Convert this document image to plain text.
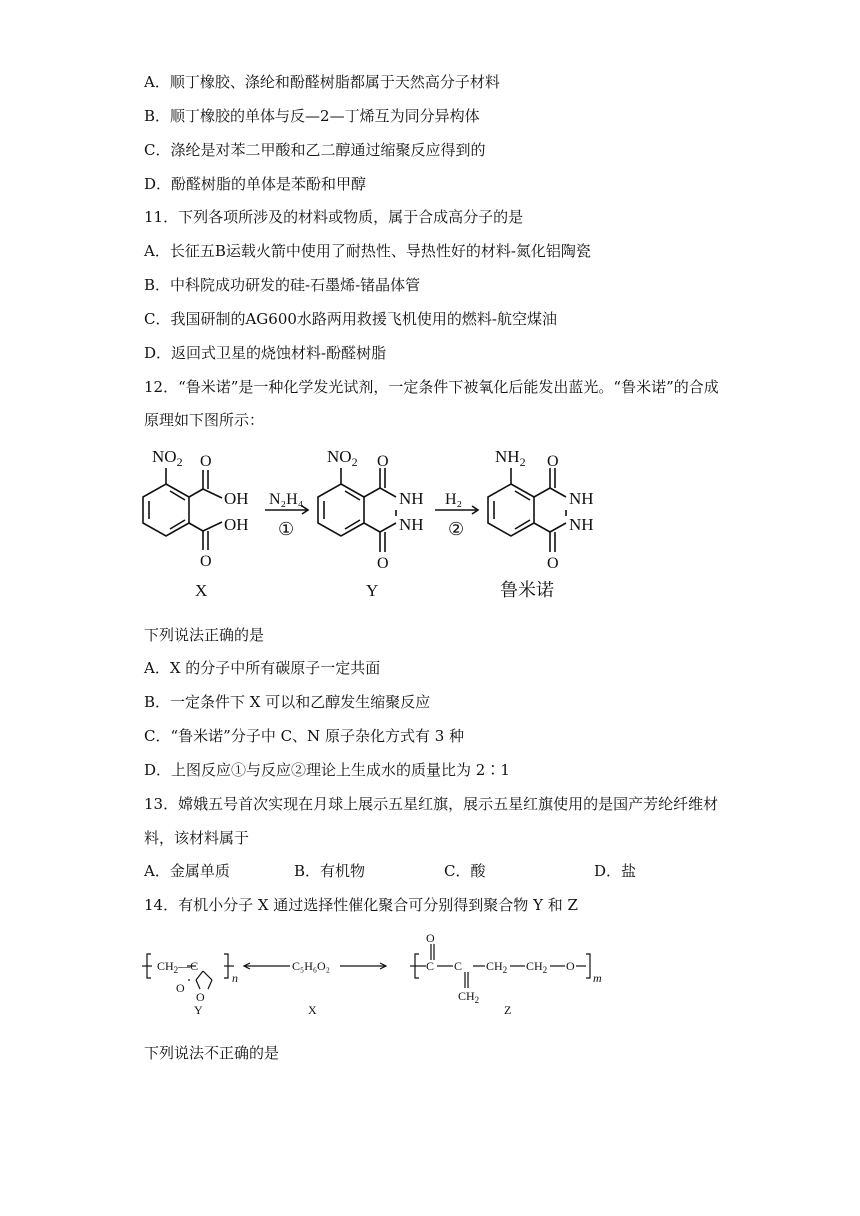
A．顺丁橡胶、涤纶和酚醛树脂都属于天然高分子材料
B．顺丁橡胶的单体与反—2—丁烯互为同分异构体
C．涤纶是对苯二甲酸和乙二醇通过缩聚反应得到的
D．酚醛树脂的单体是苯酚和甲醇
11．下列各项所涉及的材料或物质，属于合成高分子的是
A．长征五B运载火箭中使用了耐热性、导热性好的材料-氮化铝陶瓷
B．中科院成功研发的硅-石墨烯-锗晶体管
C．我国研制的AG600水路两用救援飞机使用的燃料-航空煤油
D．返回式卫星的烧蚀材料-酚醛树脂
12．“鲁米诺”是一种化学发光试剂，一定条件下被氧化后能发出蓝光。“鲁米诺”的合成
原理如下图所示：
$NO_2$ O
OH
OH
O
$NO_2$ O
NH
NH
O
$NH_2$ O
NH
NH
O
N₂H₄
①
H₂
②
X	Y	鲁米诺
下列说法正确的是
A．X 的分子中所有碳原子一定共面
B．一定条件下 X 可以和乙醇发生缩聚反应
C．“鲁米诺”分子中 C、N 原子杂化方式有 3 种
D．上图反应①与反应②理论上生成水的质量比为 2∶1
13．嫦娥五号首次实现在月球上展示五星红旗，展示五星红旗使用的是国产芳纶纤维材
料，该材料属于
A．金属单质	B．有机物	C．酸	D．盐
14．有机小分子 X 通过选择性催化聚合可分别得到聚合物 Y 和 Z
$CH_2—C$
O
O
n
O
C C
$CH_2$
$CH_2$ $CH_2$ O
m
C₅H₆O₂
Y	X	Z
下列说法不正确的是
